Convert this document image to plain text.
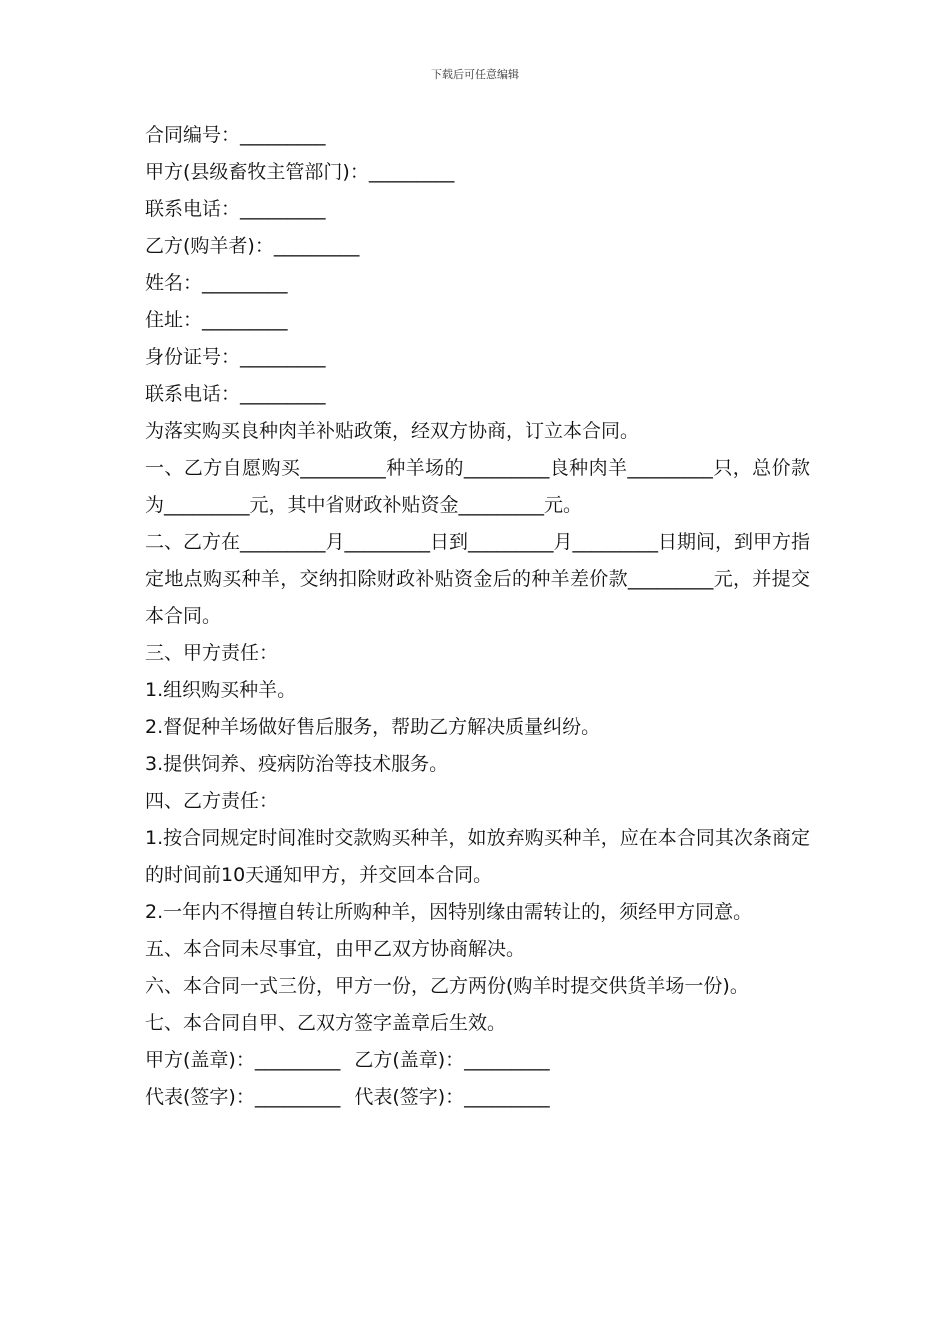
下载后可任意编辑

合同编号：_________

甲方(县级畜牧主管部门)：_________

联系电话：_________

乙方(购羊者)：_________

姓名：_________

住址：_________

身份证号：_________

联系电话：_________

为落实购买良种肉羊补贴政策，经双方协商，订立本合同。

一、乙方自愿购买_________种羊场的_________良种肉羊_________只，总价款为_________元，其中省财政补贴资金_________元。

二、乙方在_________月_________日到_________月_________日期间，到甲方指定地点购买种羊，交纳扣除财政补贴资金后的种羊差价款_________元，并提交本合同。

三、甲方责任：

1.组织购买种羊。

2.督促种羊场做好售后服务，帮助乙方解决质量纠纷。

3.提供饲养、疫病防治等技术服务。

四、乙方责任：

1.按合同规定时间准时交款购买种羊，如放弃购买种羊，应在本合同其次条商定的时间前10天通知甲方，并交回本合同。

2.一年内不得擅自转让所购种羊，因特别缘由需转让的，须经甲方同意。

五、本合同未尽事宜，由甲乙双方协商解决。

六、本合同一式三份，甲方一份，乙方两份(购羊时提交供货羊场一份)。

七、本合同自甲、乙双方签字盖章后生效。

甲方(盖章)：_________ 乙方(盖章)：_________
代表(签字)：_________ 代表(签字)：_________
